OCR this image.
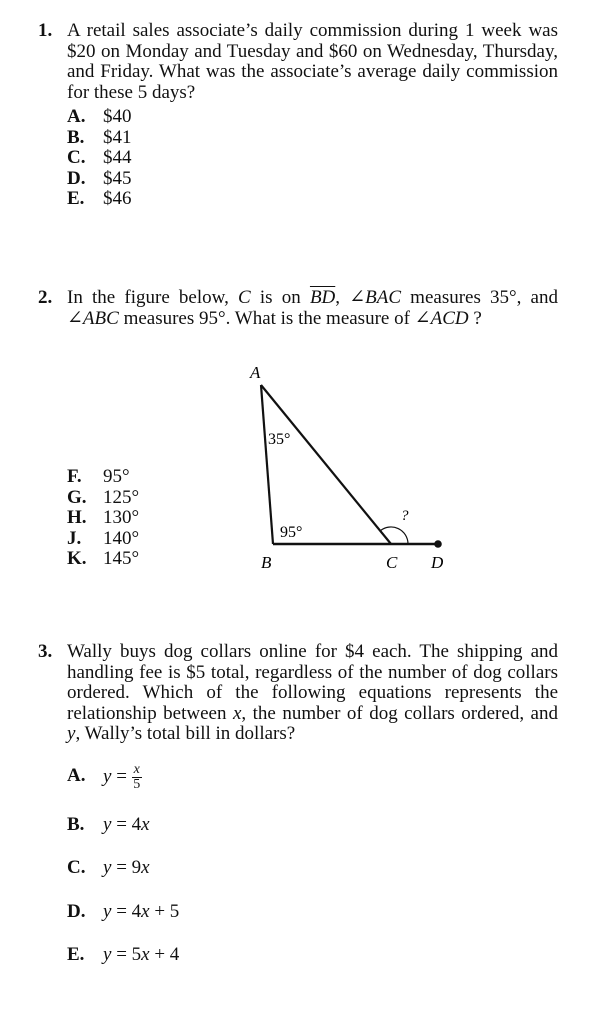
1. A retail sales associate’s daily commission during 1 week was $20 on Monday and Tuesday and $60 on Wednesday, Thursday, and Friday. What was the associate’s average daily commission for these 5 days?
A. $40
B. $41
C. $44
D. $45
E. $46
2. In the figure below, C is on $\overline{BD}$, ∠BAC measures 35°, and ∠ABC measures 95°. What is the measure of ∠ACD ?
F. 95°
G. 125°
H. 130°
J. 140°
K. 145°
A
B	C D
35°
95°
?
3. Wally buys dog collars online for $4 each. The shipping and handling fee is $5 total, regardless of the number of dog collars ordered. Which of the following equations represents the relationship between x, the number of dog collars ordered, and y, Wally’s total bill in dollars?
A. $y = \frac{x}{5}$
B. y = 4x
C. y = 9x
D. y = 4x + 5
E. y = 5x + 4
